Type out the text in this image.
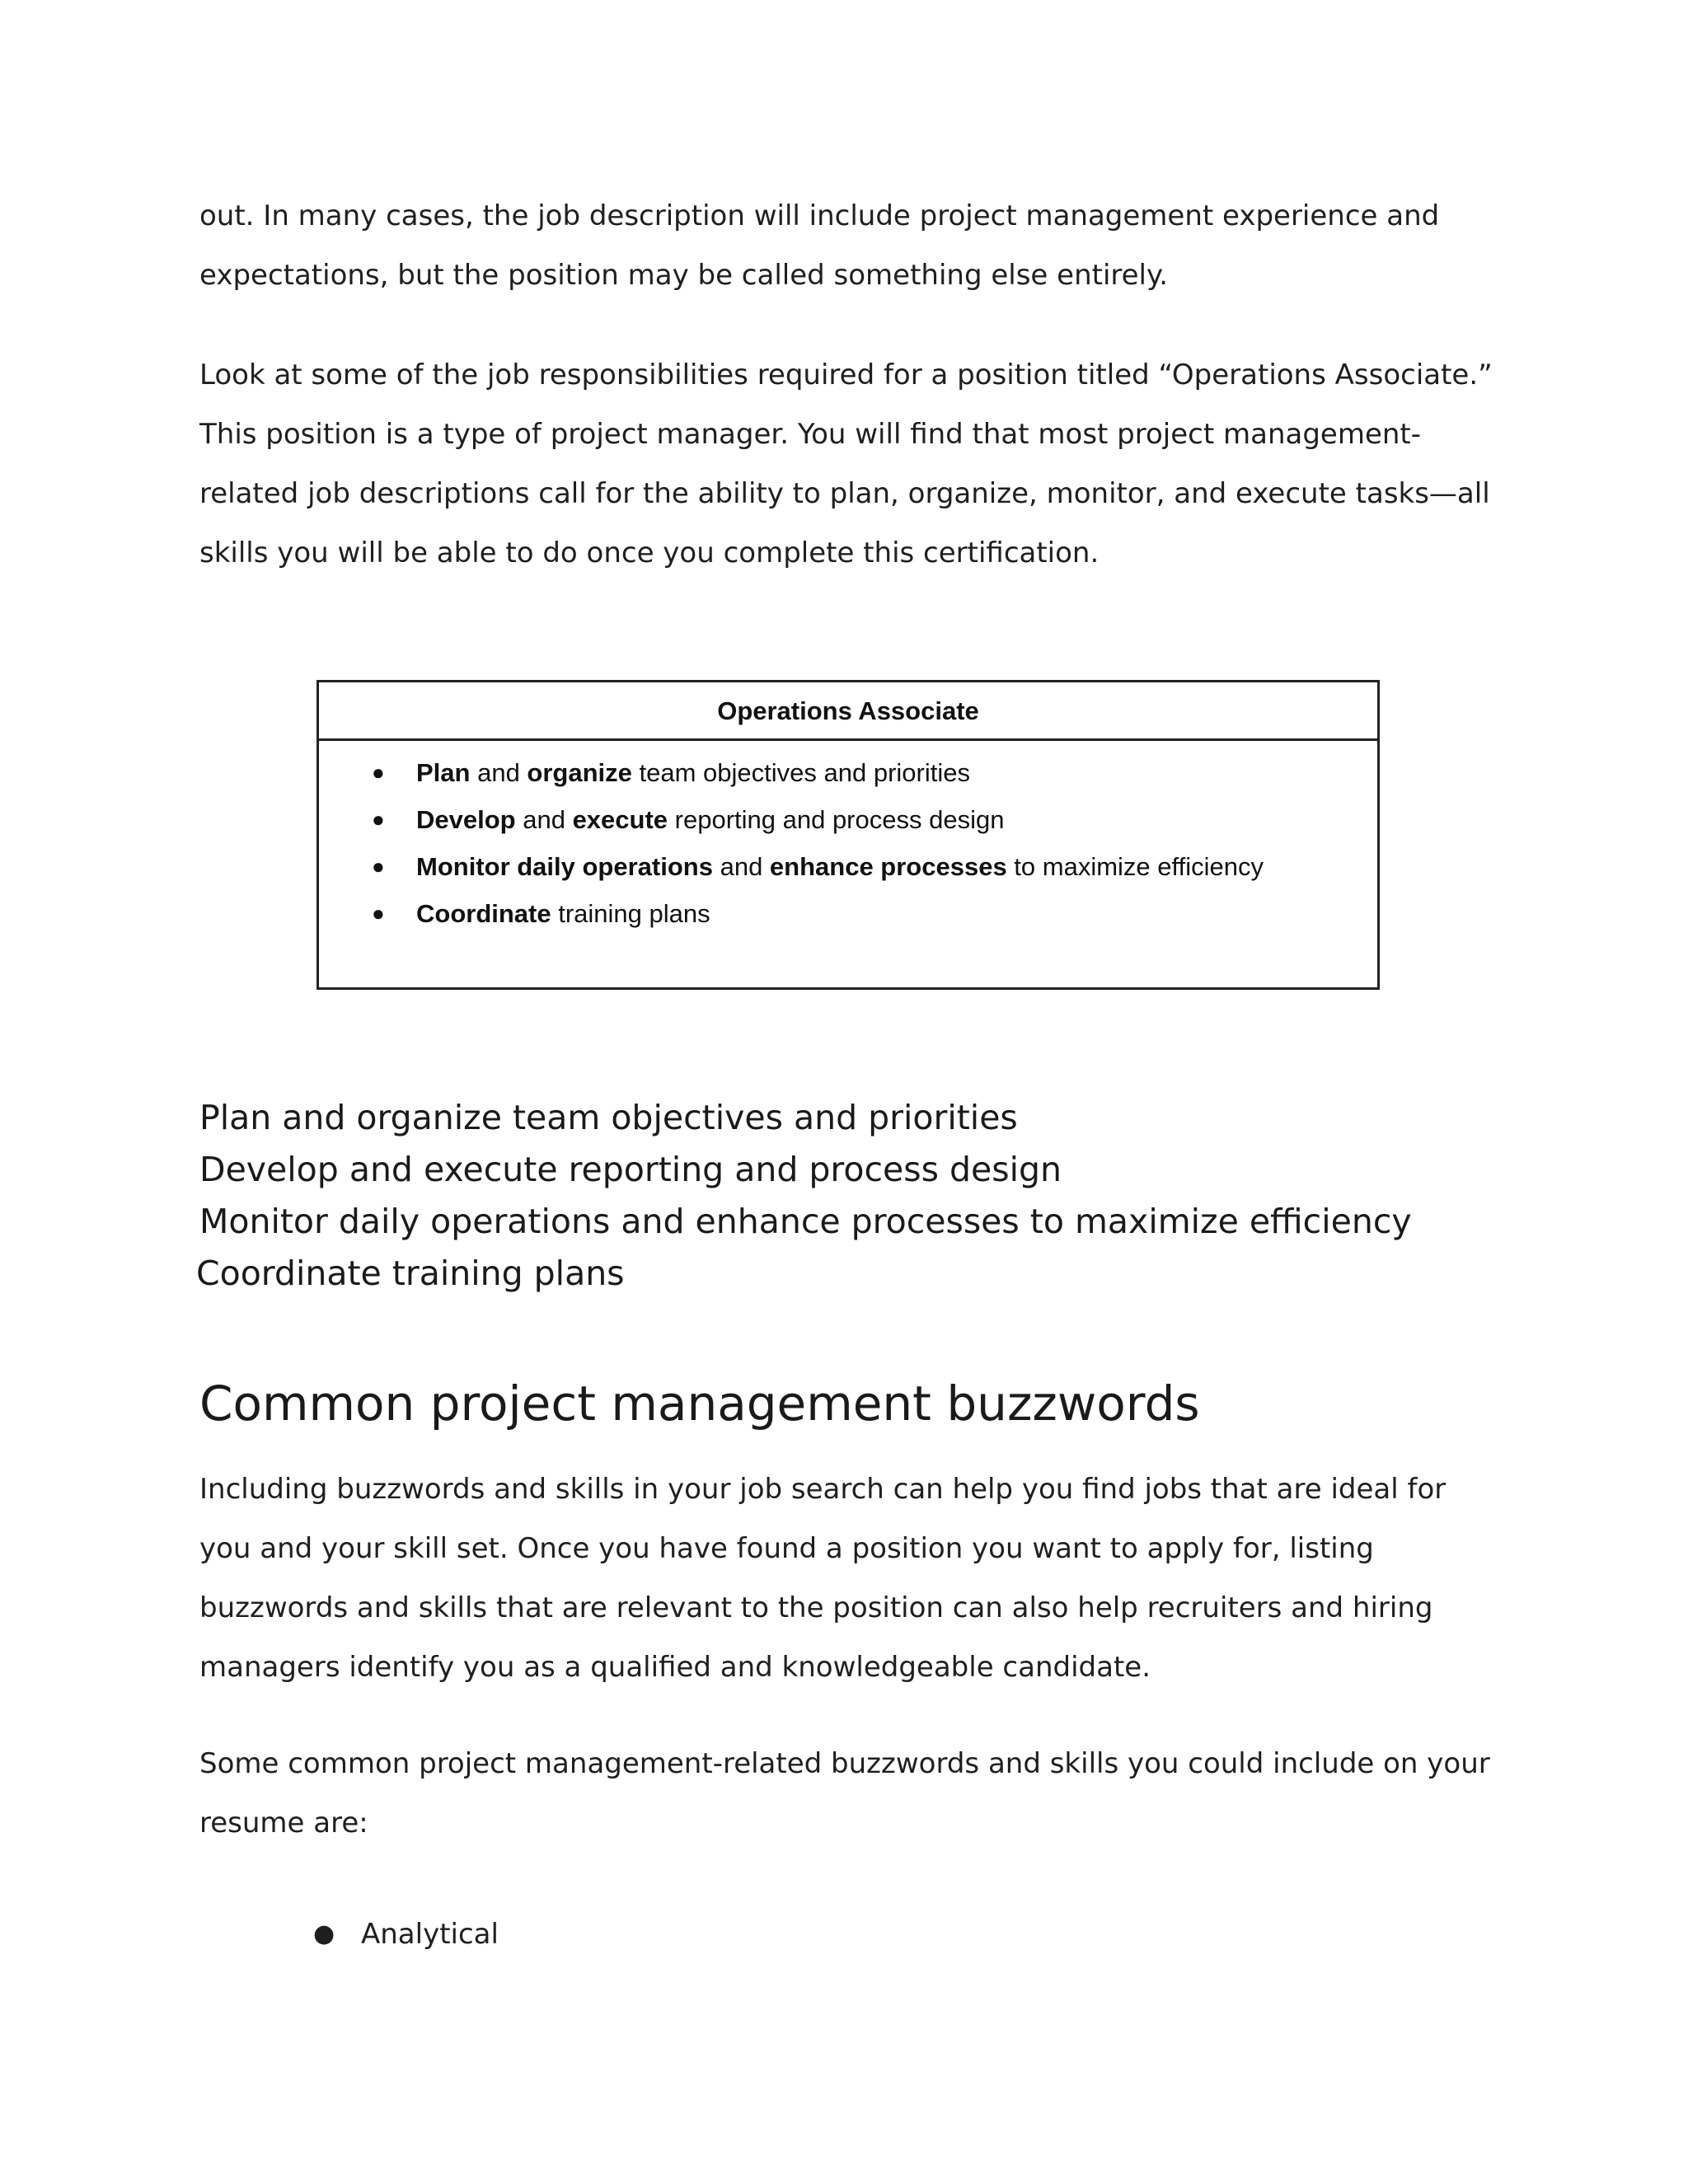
out. In many cases, the job description will include project management experience and expectations, but the position may be called something else entirely.

Look at some of the job responsibilities required for a position titled “Operations Associate.” This position is a type of project manager. You will find that most project management-related job descriptions call for the ability to plan, organize, monitor, and execute tasks—all skills you will be able to do once you complete this certification.

Operations Associate
● Plan and organize team objectives and priorities
● Develop and execute reporting and process design
● Monitor daily operations and enhance processes to maximize efficiency
● Coordinate training plans
Plan and organize team objectives and priorities
Develop and execute reporting and process design
Monitor daily operations and enhance processes to maximize efficiency
Coordinate training plans
Common project management buzzwords

Including buzzwords and skills in your job search can help you find jobs that are ideal for you and your skill set. Once you have found a position you want to apply for, listing buzzwords and skills that are relevant to the position can also help recruiters and hiring managers identify you as a qualified and knowledgeable candidate.

Some common project management-related buzzwords and skills you could include on your resume are:

● Analytical
